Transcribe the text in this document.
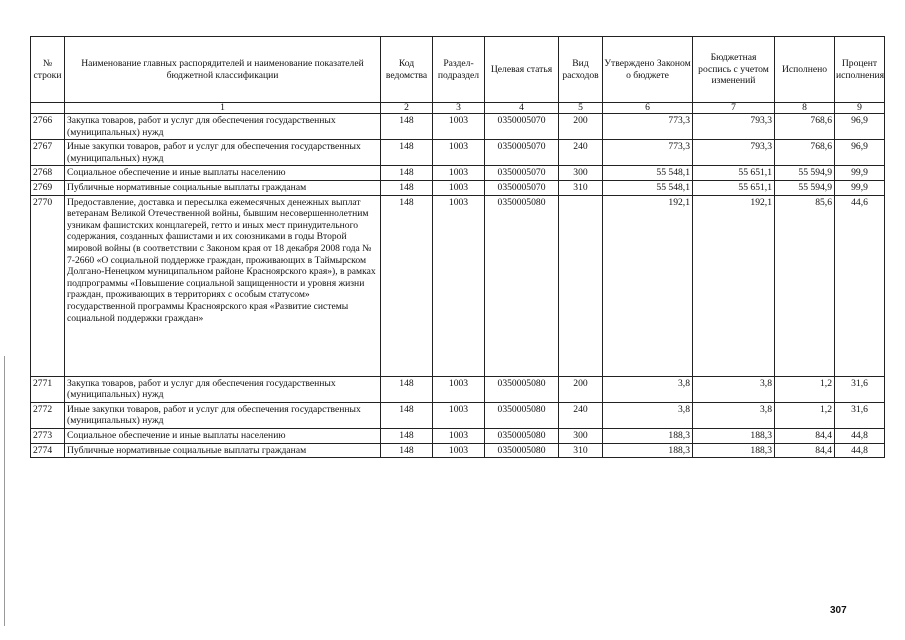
№ строки	Наименование главных распорядителей и наименование показателей бюджетной классификации	Код ведомства	Раздел- подраздел	Целевая статья	Вид расходов	Утверждено Законом о бюджете	Бюджетная роспись с учетом изменений	Исполнено	Процент исполнения
	1	2	3	4	5	6	7	8	9
2766	Закупка товаров, работ и услуг для обеспечения государственных (муниципальных) нужд	148	1003	0350005070	200	773,3	793,3	768,6	96,9
2767	Иные закупки товаров, работ и услуг для обеспечения государственных (муниципальных) нужд	148	1003	0350005070	240	773,3	793,3	768,6	96,9
2768	Социальное обеспечение и иные выплаты населению	148	1003	0350005070	300	55 548,1	55 651,1	55 594,9	99,9
2769	Публичные нормативные социальные выплаты гражданам	148	1003	0350005070	310	55 548,1	55 651,1	55 594,9	99,9
2770	Предоставление, доставка и пересылка ежемесячных денежных выплат ветеранам Великой Отечественной войны, бывшим несовершеннолетним узникам фашистских концлагерей, гетто и иных мест принудительного содержания, созданных фашистами и их союзниками в годы Второй мировой войны (в соответствии с Законом края от 18 декабря 2008 года № 7-2660 «О социальной поддержке граждан, проживающих в Таймырском Долгано-Ненецком муниципальном районе Красноярского края»), в рамках подпрограммы «Повышение социальной защищенности и уровня жизни граждан, проживающих в территориях с особым статусом» государственной программы Красноярского края «Развитие системы социальной поддержки граждан»	148	1003	0350005080		192,1	192,1	85,6	44,6
2771	Закупка товаров, работ и услуг для обеспечения государственных (муниципальных) нужд	148	1003	0350005080	200	3,8	3,8	1,2	31,6
2772	Иные закупки товаров, работ и услуг для обеспечения государственных (муниципальных) нужд	148	1003	0350005080	240	3,8	3,8	1,2	31,6
2773	Социальное обеспечение и иные выплаты населению	148	1003	0350005080	300	188,3	188,3	84,4	44,8
2774	Публичные нормативные социальные выплаты гражданам	148	1003	0350005080	310	188,3	188,3	84,4	44,8
307
